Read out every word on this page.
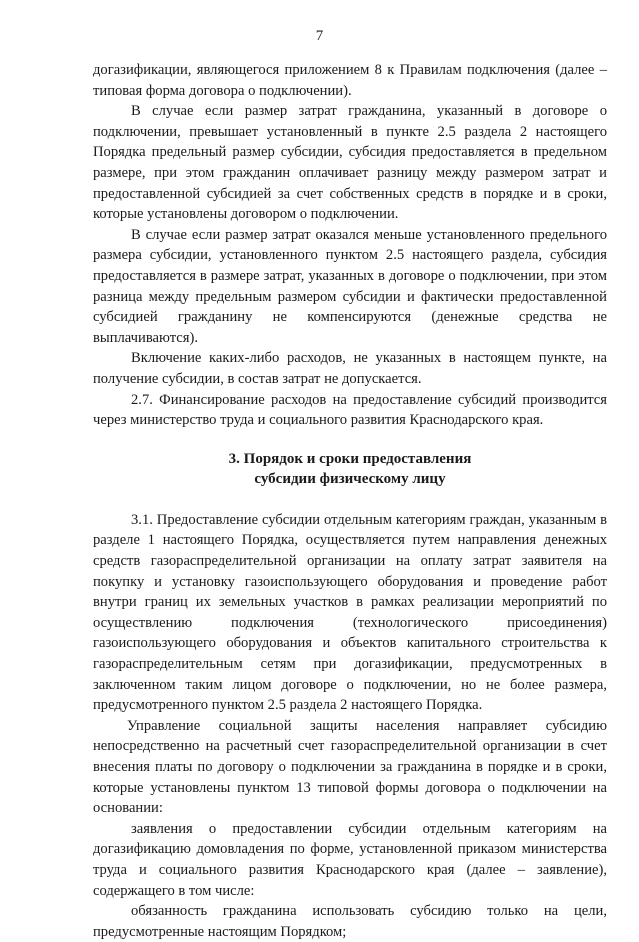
7

догазификации, являющегося приложением 8 к Правилам подключения (далее – типовая форма договора о подключении).

В случае если размер затрат гражданина, указанный в договоре о подключении, превышает установленный в пункте 2.5 раздела 2 настоящего Порядка предельный размер субсидии, субсидия предоставляется в предельном размере, при этом гражданин оплачивает разницу между размером затрат и предоставленной субсидией за счет собственных средств в порядке и в сроки, которые установлены договором о подключении.

В случае если размер затрат оказался меньше установленного предельного размера субсидии, установленного пунктом 2.5 настоящего раздела, субсидия предоставляется в размере затрат, указанных в договоре о подключении, при этом разница между предельным размером субсидии и фактически предоставленной субсидией гражданину не компенсируются (денежные средства не выплачиваются).

Включение каких-либо расходов, не указанных в настоящем пункте, на получение субсидии, в состав затрат не допускается.

2.7. Финансирование расходов на предоставление субсидий производится через министерство труда и социального развития Краснодарского края.

3. Порядок и сроки предоставления
субсидии физическому лицу

3.1. Предоставление субсидии отдельным категориям граждан, указанным в разделе 1 настоящего Порядка, осуществляется путем направления денежных средств газораспределительной организации на оплату затрат заявителя на покупку и установку газоиспользующего оборудования и проведение работ внутри границ их земельных участков в рамках реализации мероприятий по осуществлению подключения (технологического присоединения) газоиспользующего оборудования и объектов капитального строительства к газораспределительным сетям при догазификации, предусмотренных в заключенном таким лицом договоре о подключении, но не более размера, предусмотренного пунктом 2.5 раздела 2 настоящего Порядка.

Управление социальной защиты населения направляет субсидию непосредственно на расчетный счет газораспределительной организации в счет внесения платы по договору о подключении за гражданина в порядке и в сроки, которые установлены пунктом 13 типовой формы договора о подключении на основании:

заявления о предоставлении субсидии отдельным категориям на догазификацию домовладения по форме, установленной приказом министерства труда и социального развития Краснодарского края (далее – заявление), содержащего в том числе:

обязанность гражданина использовать субсидию только на цели, предусмотренные настоящим Порядком;
